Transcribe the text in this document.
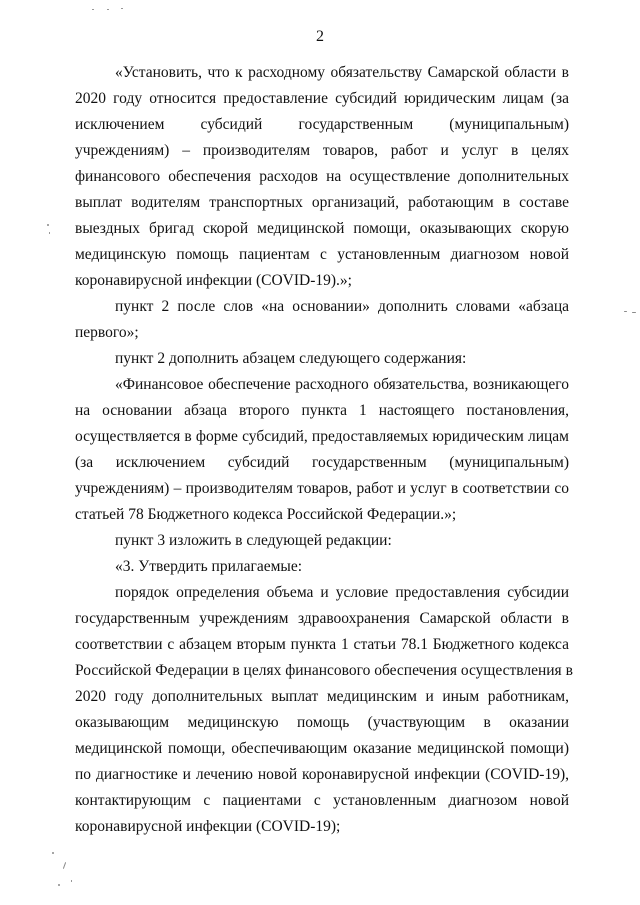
2
«Установить, что к расходному обязательству Самарской области в
2020 году относится предоставление субсидий юридическим лицам (за
исключением субсидий государственным (муниципальным)
учреждениям) – производителям товаров, работ и услуг в целях
финансового обеспечения расходов на осуществление дополнительных
выплат водителям транспортных организаций, работающим в составе
выездных бригад скорой медицинской помощи, оказывающих скорую
медицинскую помощь пациентам с установленным диагнозом новой
коронавирусной инфекции (COVID-19).»;
пункт 2 после слов «на основании» дополнить словами «абзаца
первого»;
пункт 2 дополнить абзацем следующего содержания:
«Финансовое обеспечение расходного обязательства, возникающего
на основании абзаца второго пункта 1 настоящего постановления,
осуществляется в форме субсидий, предоставляемых юридическим лицам
(за исключением субсидий государственным (муниципальным)
учреждениям) – производителям товаров, работ и услуг в соответствии со
статьей 78 Бюджетного кодекса Российской Федерации.»;
пункт 3 изложить в следующей редакции:
«3. Утвердить прилагаемые:
порядок определения объема и условие предоставления субсидии
государственным учреждениям здравоохранения Самарской области в
соответствии с абзацем вторым пункта 1 статьи 78.1 Бюджетного кодекса
Российской Федерации в целях финансового обеспечения осуществления в
2020 году дополнительных выплат медицинским и иным работникам,
оказывающим медицинскую помощь (участвующим в оказании
медицинской помощи, обеспечивающим оказание медицинской помощи)
по диагностике и лечению новой коронавирусной инфекции (COVID-19),
контактирующим с пациентами с установленным диагнозом новой
коронавирусной инфекции (COVID-19);
